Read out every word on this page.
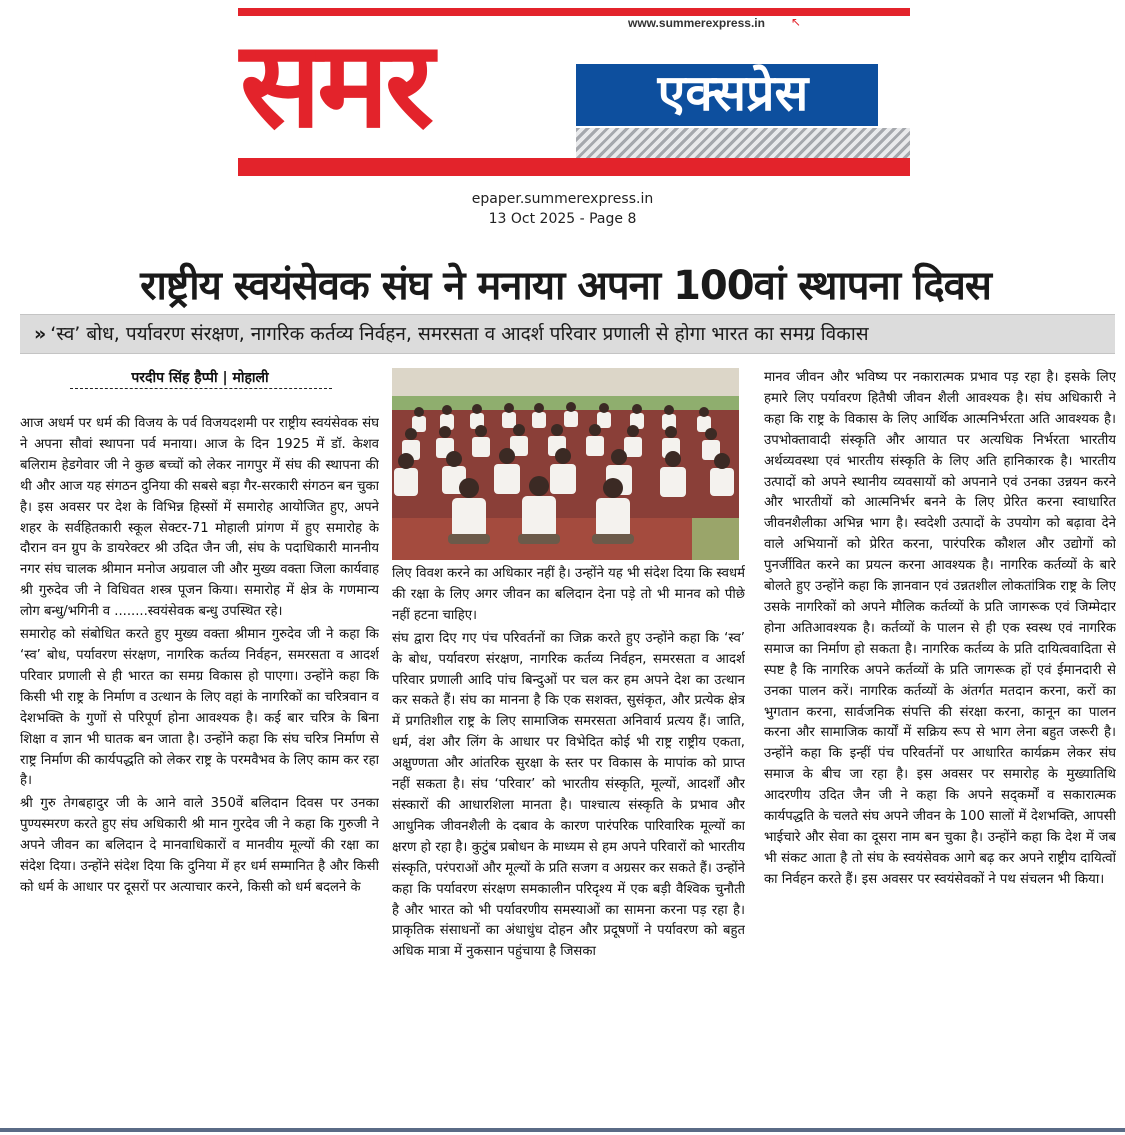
समर	www.summerexpress.in ↖
एक्सप्रेस
epaper.summerexpress.in
13 Oct 2025 - Page 8
राष्ट्रीय स्वयंसेवक संघ ने मनाया अपना 100वां स्थापना दिवस
» ‘स्व’ बोध, पर्यावरण संरक्षण, नागरिक कर्तव्य निर्वहन, समरसता व आदर्श परिवार प्रणाली से होगा भारत का समग्र विकास
परदीप सिंह हैप्पी | मोहाली

आज अधर्म पर धर्म की विजय के पर्व विजयदशमी पर राष्ट्रीय स्वयंसेवक संघ ने अपना सौवां स्थापना पर्व मनाया। आज के दिन 1925 में डॉ. केशव बलिराम हेडगेवार जी ने कुछ बच्चों को लेकर नागपुर में संघ की स्थापना की थी और आज यह संगठन दुनिया की सबसे बड़ा गैर-सरकारी संगठन बन चुका है। इस अवसर पर देश के विभिन्न हिस्सों में समारोह आयोजित हुए, अपने शहर के सर्वहितकारी स्कूल सेक्टर-71 मोहाली प्रांगण में हुए समारोह के दौरान वन ग्रुप के डायरेक्टर श्री उदित जैन जी, संघ के पदाधिकारी माननीय नगर संघ चालक श्रीमान मनोज अग्रवाल जी और मुख्य वक्ता जिला कार्यवाह श्री गुरुदेव जी ने विधिवत शस्त्र पूजन किया। समारोह में क्षेत्र के गणमान्य लोग बन्धु/भगिनी व ........स्वयंसेवक बन्धु उपस्थित रहे।

समारोह को संबोधित करते हुए मुख्य वक्ता श्रीमान गुरुदेव जी ने कहा कि ‘स्व’ बोध, पर्यावरण संरक्षण, नागरिक कर्तव्य निर्वहन, समरसता व आदर्श परिवार प्रणाली से ही भारत का समग्र विकास हो पाएगा। उन्होंने कहा कि किसी भी राष्ट्र के निर्माण व उत्थान के लिए वहां के नागरिकों का चरित्रवान व देशभक्ति के गुणों से परिपूर्ण होना आवश्यक है। कई बार चरित्र के बिना शिक्षा व ज्ञान भी घातक बन जाता है। उन्होंने कहा कि संघ चरित्र निर्माण से राष्ट्र निर्माण की कार्यपद्धति को लेकर राष्ट्र के परमवैभव के लिए काम कर रहा है।

श्री गुरु तेगबहादुर जी के आने वाले 350वें बलिदान दिवस पर उनका पुण्यस्मरण करते हुए संघ अधिकारी श्री मान गुरदेव जी ने कहा कि गुरुजी ने अपने जीवन का बलिदान दे मानवाधिकारों व मानवीय मूल्यों की रक्षा का संदेश दिया। उन्होंने संदेश दिया कि दुनिया में हर धर्म सम्मानित है और किसी को धर्म के आधार पर दूसरों पर अत्याचार करने, किसी को धर्म बदलने के

लिए विवश करने का अधिकार नहीं है। उन्होंने यह भी संदेश दिया कि स्वधर्म की रक्षा के लिए अगर जीवन का बलिदान देना पड़े तो भी मानव को पीछे नहीं हटना चाहिए।

संघ द्वारा दिए गए पंच परिवर्तनों का जिक्र करते हुए उन्होंने कहा कि ‘स्व’ के बोध, पर्यावरण संरक्षण, नागरिक कर्तव्य निर्वहन, समरसता व आदर्श परिवार प्रणाली आदि पांच बिन्दुओं पर चल कर हम अपने देश का उत्थान कर सकते हैं। संघ का मानना है कि एक सशक्त, सुसंकृत, और प्रत्येक क्षेत्र में प्रगतिशील राष्ट्र के लिए सामाजिक समरसता अनिवार्य प्रत्यय हैं। जाति, धर्म, वंश और लिंग के आधार पर विभेदित कोई भी राष्ट्र राष्ट्रीय एकता, अक्षुण्णता और आंतरिक सुरक्षा के स्तर पर विकास के मापांक को प्राप्त नहीं सकता है। संघ ‘परिवार’ को भारतीय संस्कृति, मूल्यों, आदर्शों और संस्कारों की आधारशिला मानता है। पाश्चात्य संस्कृति के प्रभाव और आधुनिक जीवनशैली के दबाव के कारण पारंपरिक पारिवारिक मूल्यों का क्षरण हो रहा है। कुटुंब प्रबोधन के माध्यम से हम अपने परिवारों को भारतीय संस्कृति, परंपराओं और मूल्यों के प्रति सजग व अग्रसर कर सकते हैं। उन्होंने कहा कि पर्यावरण संरक्षण समकालीन परिदृश्य में एक बड़ी वैश्विक चुनौती है और भारत को भी पर्यावरणीय समस्याओं का सामना करना पड़ रहा है। प्राकृतिक संसाधनों का अंधाधुंध दोहन और प्रदूषणों ने पर्यावरण को बहुत अधिक मात्रा में नुकसान पहुंचाया है जिसका

मानव जीवन और भविष्य पर नकारात्मक प्रभाव पड़ रहा है। इसके लिए हमारे लिए पर्यावरण हितैषी जीवन शैली आवश्यक है। संघ अधिकारी ने कहा कि राष्ट्र के विकास के लिए आर्थिक आत्मनिर्भरता अति आवश्यक है। उपभोक्तावादी संस्कृति और आयात पर अत्यधिक निर्भरता भारतीय अर्थव्यवस्था एवं भारतीय संस्कृति के लिए अति हानिकारक है। भारतीय उत्पादों को अपने स्थानीय व्यवसायों को अपनाने एवं उनका उन्नयन करने और भारतीयों को आत्मनिर्भर बनने के लिए प्रेरित करना स्वाधारित जीवनशैलीका अभिन्न भाग है। स्वदेशी उत्पादों के उपयोग को बढ़ावा देने वाले अभियानों को प्रेरित करना, पारंपरिक कौशल और उद्योगों को पुनर्जीवित करने का प्रयत्न करना आवश्यक है। नागरिक कर्तव्यों के बारे बोलते हुए उन्होंने कहा कि ज्ञानवान एवं उन्नतशील लोकतांत्रिक राष्ट्र के लिए उसके नागरिकों को अपने मौलिक कर्तव्यों के प्रति जागरूक एवं जिम्मेदार होना अतिआवश्यक है। कर्तव्यों के पालन से ही एक स्वस्थ एवं नागरिक समाज का निर्माण हो सकता है। नागरिक कर्तव्य के प्रति दायित्ववादिता से स्पष्ट है कि नागरिक अपने कर्तव्यों के प्रति जागरूक हों एवं ईमानदारी से उनका पालन करें। नागरिक कर्तव्यों के अंतर्गत मतदान करना, करों का भुगतान करना, सार्वजनिक संपत्ति की संरक्षा करना, कानून का पालन करना और सामाजिक कार्यों में सक्रिय रूप से भाग लेना बहुत जरूरी है। उन्होंने कहा कि इन्हीं पंच परिवर्तनों पर आधारित कार्यक्रम लेकर संघ समाज के बीच जा रहा है। इस अवसर पर समारोह के मुख्यातिथि आदरणीय उदित जैन जी ने कहा कि अपने सद्कर्मों व सकारात्मक कार्यपद्धति के चलते संघ अपने जीवन के 100 सालों में देशभक्ति, आपसी भाईचारे और सेवा का दूसरा नाम बन चुका है। उन्होंने कहा कि देश में जब भी संकट आता है तो संघ के स्वयंसेवक आगे बढ़ कर अपने राष्ट्रीय दायित्वों का निर्वहन करते हैं। इस अवसर पर स्वयंसेवकों ने पथ संचलन भी किया।
